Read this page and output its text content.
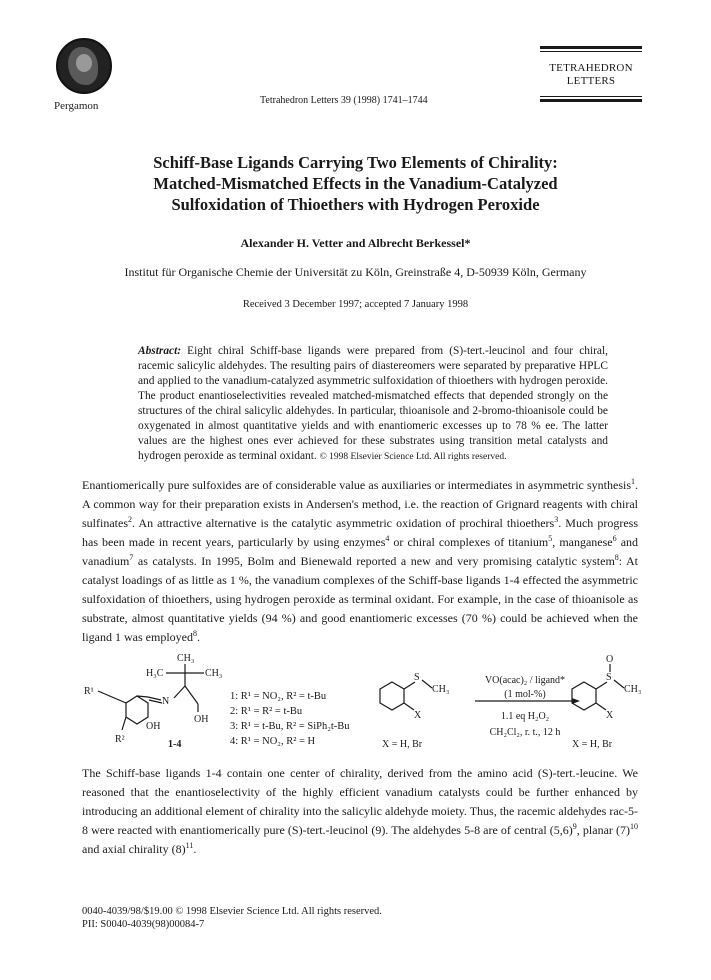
Pergamon	Tetrahedron Letters 39 (1998) 1741–1744
TETRAHEDRON
LETTERS
Schiff-Base Ligands Carrying Two Elements of Chirality:
Matched-Mismatched Effects in the Vanadium-Catalyzed
Sulfoxidation of Thioethers with Hydrogen Peroxide
Alexander H. Vetter and Albrecht Berkessel*
Institut für Organische Chemie der Universität zu Köln, Greinstraße 4, D-50939 Köln, Germany
Received 3 December 1997; accepted 7 January 1998
Abstract: Eight chiral Schiff-base ligands were prepared from (S)-tert.-leucinol and four chiral, racemic salicylic aldehydes. The resulting pairs of diastereomers were separated by preparative HPLC and applied to the vanadium-catalyzed asymmetric sulfoxidation of thioethers with hydrogen peroxide. The product enantioselectivities revealed matched-mismatched effects that depended strongly on the structures of the chiral salicylic aldehydes. In particular, thioanisole and 2-bromo-thioanisole could be oxygenated in almost quantitative yields and with enantiomeric excesses up to 78 % ee. The latter values are the highest ones ever achieved for these substrates using transition metal catalysts and hydrogen peroxide as terminal oxidant. © 1998 Elsevier Science Ltd. All rights reserved.
Enantiomerically pure sulfoxides are of considerable value as auxiliaries or intermediates in asymmetric synthesis$^1$. A common way for their preparation exists in Andersen's method, i.e. the reaction of Grignard reagents with chiral sulfinates$^2$. An attractive alternative is the catalytic asymmetric oxidation of prochiral thioethers$^3$. Much progress has been made in recent years, particularly by using enzymes$^4$ or chiral complexes of titanium$^5$, manganese$^6$ and vanadium$^7$ as catalysts. In 1995, Bolm and Bienewald reported a new and very promising catalytic system$^8$: At catalyst loadings of as little as 1 %, the vanadium complexes of the Schiff-base ligands 1-4 effected the asymmetric sulfoxidation of thioethers, using hydrogen peroxide as terminal oxidant. For example, in the case of thioanisole as substrate, almost quantitative yields (94 %) and good enantiomeric excesses (70 %) could be achieved when the ligand 1 was employed$^8$.
CH₃
H₃C	CH₃
N
OH
R¹
OH
R²	1-4
S
CH₃
X
X = H, Br
VO(acac)₂ / ligand*
(1 mol-%)
1.1 eq H₂O₂
CH₂Cl₂, r. t., 12 h
S
O
CH₃
X
X = H, Br
1: R¹ = NO₂, R² = t-Bu
2: R¹ = R² = t-Bu
3: R¹ = t-Bu, R² = SiPh₂t-Bu
4: R¹ = NO₂, R² = H
The Schiff-base ligands 1-4 contain one center of chirality, derived from the amino acid (S)-tert.-leucine. We reasoned that the enantioselectivity of the highly efficient vanadium catalysts could be further enhanced by introducing an additional element of chirality into the salicylic aldehyde moiety. Thus, the racemic aldehydes rac-5-8 were reacted with enantiomerically pure (S)-tert.-leucinol (9). The aldehydes 5-8 are of central $(5,6)^9$, planar $(7)^{10}$ and axial chirality $(8)^{11}$.
0040-4039/98/$19.00 © 1998 Elsevier Science Ltd. All rights reserved.
PII: S0040-4039(98)00084-7
